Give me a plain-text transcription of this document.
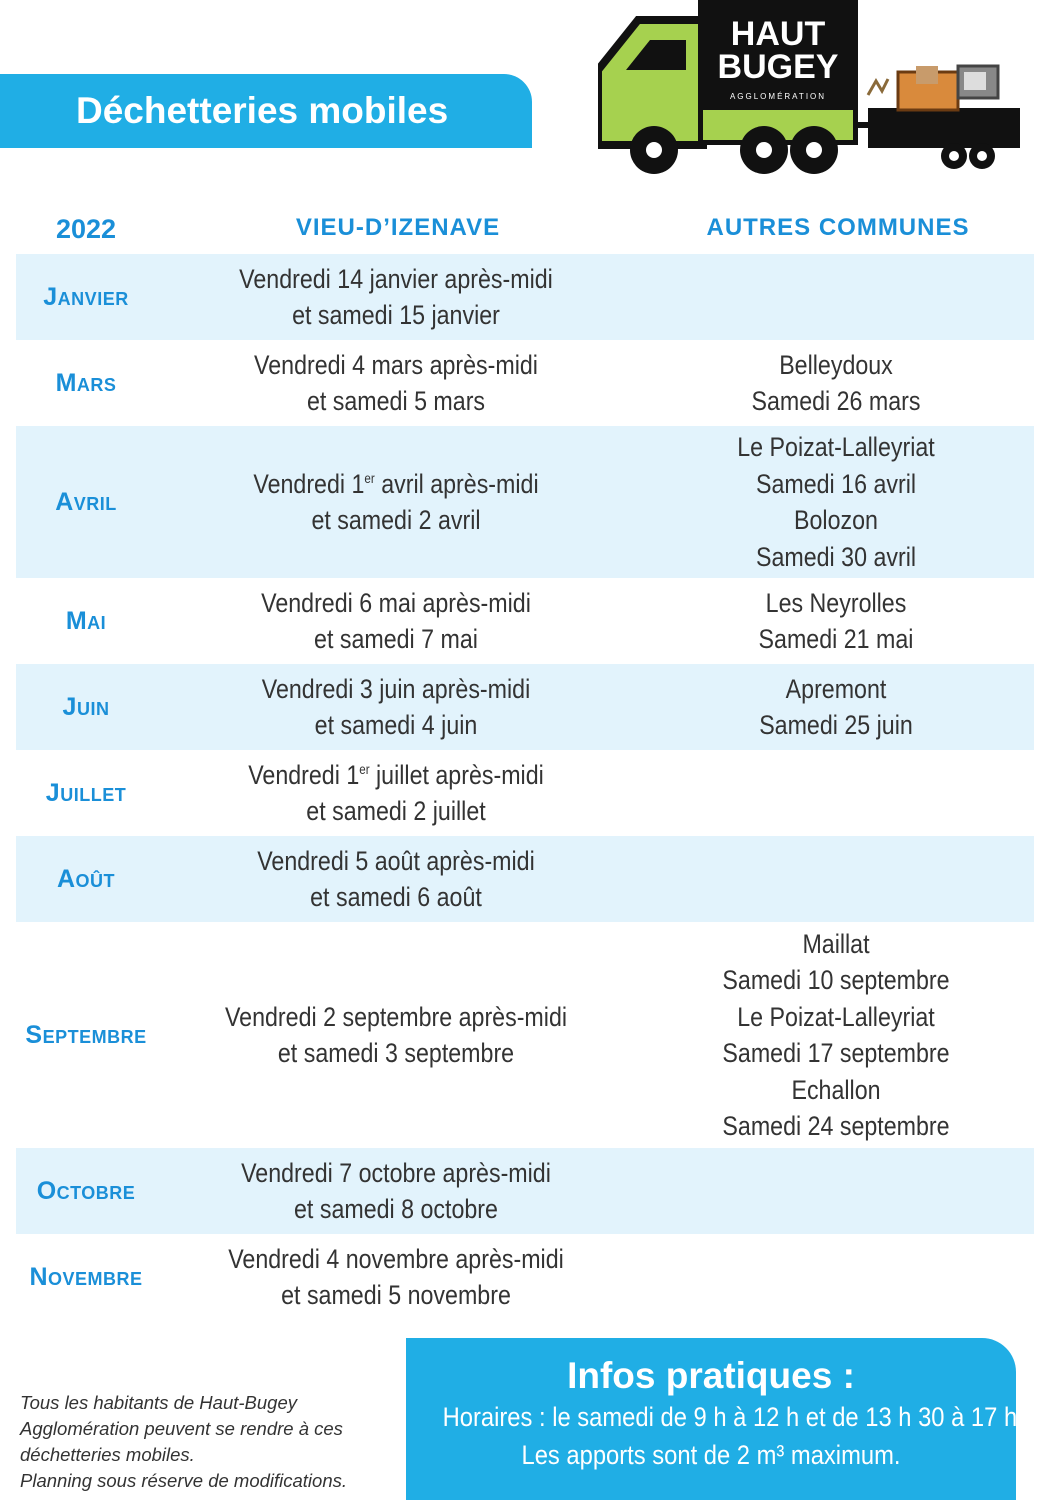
Déchetteries mobiles
HAUT
BUGEY
AGGLOMÉRATION
2022	VIEU-D’IZENAVE	AUTRES COMMUNES
Janvier
Vendredi 14 janvier après-midi
et samedi 15 janvier
Mars
Vendredi 4 mars après-midi
et samedi 5 mars
Belleydoux
Samedi 26 mars
Avril
Vendredi 1er avril après-midi
et samedi 2 avril
Le Poizat-Lalleyriat
Samedi 16 avril
Bolozon
Samedi 30 avril
Mai
Vendredi 6 mai après-midi
et samedi 7 mai
Les Neyrolles
Samedi 21 mai
Juin
Vendredi 3 juin après-midi
et samedi 4 juin
Apremont
Samedi 25 juin
Juillet
Vendredi 1er juillet après-midi
et samedi 2 juillet
Août
Vendredi 5 août après-midi
et samedi 6 août
Septembre
Vendredi 2 septembre après-midi
et samedi 3 septembre
Maillat
Samedi 10 septembre
Le Poizat-Lalleyriat
Samedi 17 septembre
Echallon
Samedi 24 septembre
Octobre
Vendredi 7 octobre après-midi
et samedi 8 octobre
Novembre
Vendredi 4 novembre après-midi
et samedi 5 novembre
Tous les habitants de Haut-Bugey
Agglomération peuvent se rendre à ces
déchetteries mobiles.
Planning sous réserve de modifications.
Infos pratiques :
Horaires : le samedi de 9 h à 12 h et de 13 h 30 à 17 h.
Les apports sont de 2 m³ maximum.
